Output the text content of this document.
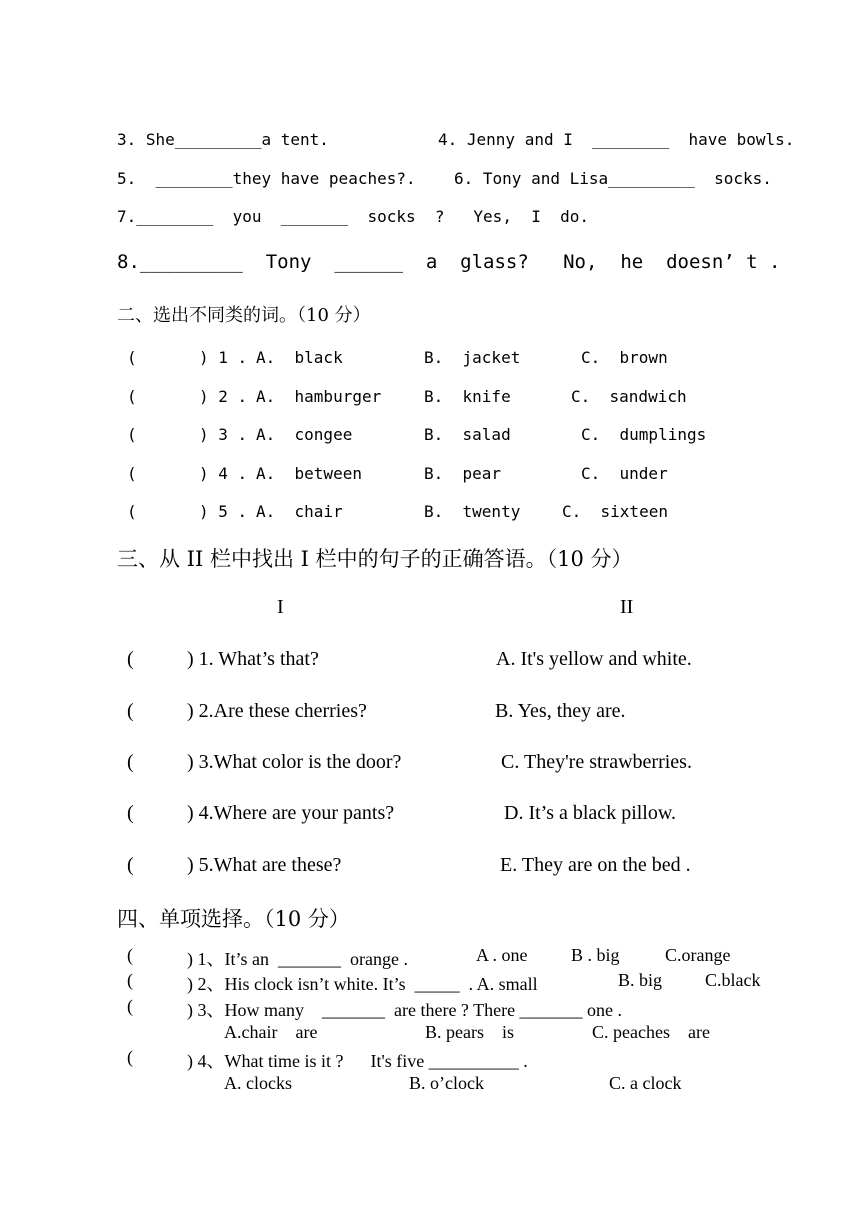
3. She_________a tent.	4. Jenny and I  ________  have bowls.
5.  ________they have peaches?. 6. Tony and Lisa_________  socks.
7.________  you  _______  socks  ?   Yes,  I  do.
8._________  Tony  ______  a  glass?   No,  he  doesn’ t .
二、选出不同类的词。（10 分）
(	) 1 . A.  black	B.  jacket	C.  brown
(	) 2 . A.  hamburger	B.  knife	C.  sandwich
(	) 3 . A.  congee	B.  salad	C.  dumplings
(	) 4 . A.  between	B.  pear	C.  under
(	) 5 . A.  chair	B.  twenty	C.  sixteen
三、从 II 栏中找出 I 栏中的句子的正确答语。（10 分）
I	II
(	) 1. What’s that?	A. It's yellow and white.
(	) 2.Are these cherries?	B. Yes, they are.
(	) 3.What color is the door?	C. They're strawberries.
(	) 4.Where are your pants?	D. It’s a black pillow.
(	) 5.What are these?	E. They are on the bed .
四、单项选择。（10 分）
(	) 1、It’s an  _______  orange .	A . one B . big	C.orange
(	) 2、His clock isn’t white. It’s  _____  . A. small	B. big C.black
(	) 3、How many    _______  are there ? There _______ one .
A.chair    are	B. pears    is	C. peaches    are
(	) 4、What time is it ?      It's five __________ .
A. clocks	B. o’clock	C. a clock
